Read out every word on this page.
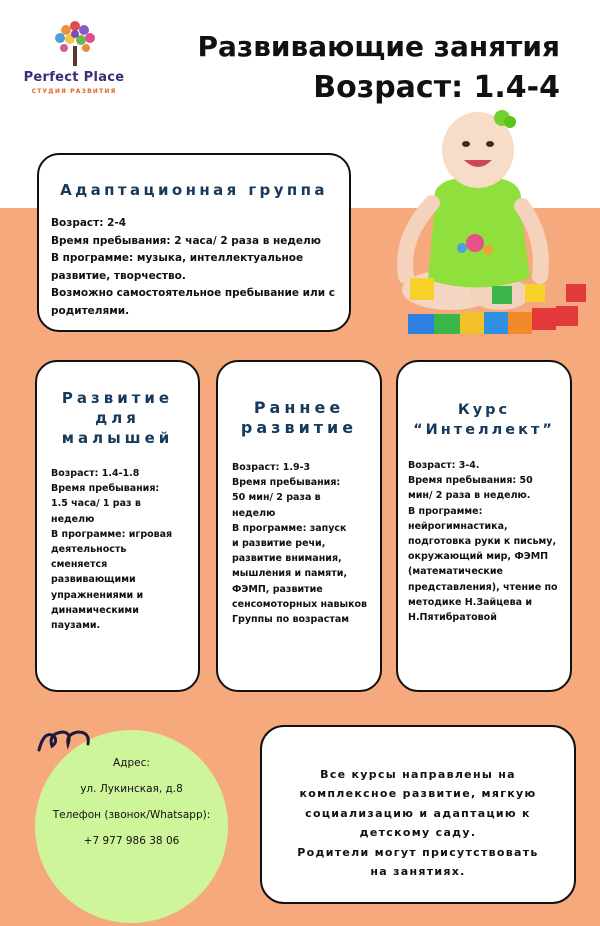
Perfect Place
СТУДИЯ РАЗВИТИЯ
Развивающие занятия
Возраст: 1.4-4
Адаптационная группа
Возраст: 2-4
Время пребывания: 2 часа/ 2 раза в неделю
В программе: музыка, интеллектуальное
развитие, творчество.
Возможно самостоятельное пребывание или с
родителями.
Развитие
для
малышей
Возраст: 1.4-1.8
Время пребывания:
1.5 часа/ 1 раз в
неделю
В программе: игровая
деятельность
сменяется
развивающими
упражнениями и
динамическими
паузами.
Раннее
развитие
Возраст: 1.9-3
Время пребывания:
50 мин/ 2 раза в
неделю
В программе: запуск
и развитие речи,
развитие внимания,
мышления и памяти,
ФЭМП, развитие
сенсомоторных навыков
Группы по возрастам
Курс
“Интеллект”
Возраст: 3-4.
Время пребывания: 50
мин/ 2 раза в неделю.
В программе:
нейрогимнастика,
подготовка руки к письму,
окружающий мир, ФЭМП
(математические
представления), чтение по
методике Н.Зайцева и
Н.Пятибратовой
Адрес:
ул. Лукинская, д.8
Телефон (звонок/Whatsapp):
+7 977 986 38 06
Все курсы направлены на
комплексное развитие, мягкую
социализацию и адаптацию к
детскому саду.
Родители могут присутствовать
на занятиях.
